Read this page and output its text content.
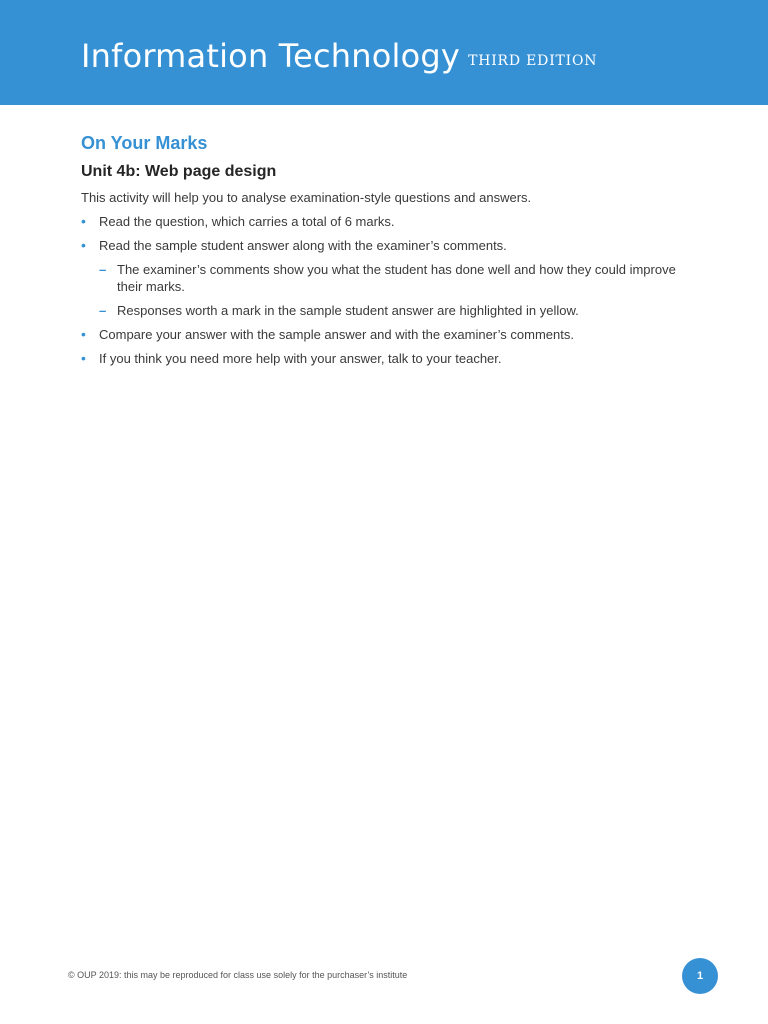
Information Technology THIRD EDITION
On Your Marks
Unit 4b: Web page design

This activity will help you to analyse examination-style questions and answers.

• Read the question, which carries a total of 6 marks.
• Read the sample student answer along with the examiner’s comments.
– The examiner’s comments show you what the student has done well and how they could improve their marks.
– Responses worth a mark in the sample student answer are highlighted in yellow.
• Compare your answer with the sample answer and with the examiner’s comments.
• If you think you need more help with your answer, talk to your teacher.
© OUP 2019: this may be reproduced for class use solely for the purchaser’s institute	1
